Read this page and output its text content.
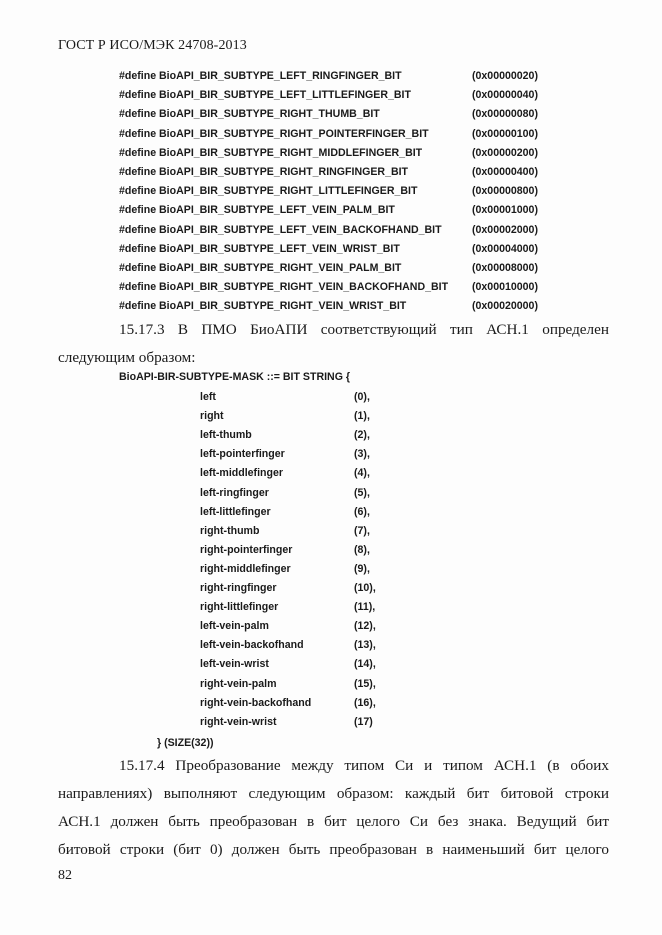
ГОСТ Р ИСО/МЭК 24708-2013
#define BioAPI_BIR_SUBTYPE_LEFT_RINGFINGER_BIT	(0x00000020)
#define BioAPI_BIR_SUBTYPE_LEFT_LITTLEFINGER_BIT	(0x00000040)
#define BioAPI_BIR_SUBTYPE_RIGHT_THUMB_BIT	(0x00000080)
#define BioAPI_BIR_SUBTYPE_RIGHT_POINTERFINGER_BIT	(0x00000100)
#define BioAPI_BIR_SUBTYPE_RIGHT_MIDDLEFINGER_BIT	(0x00000200)
#define BioAPI_BIR_SUBTYPE_RIGHT_RINGFINGER_BIT	(0x00000400)
#define BioAPI_BIR_SUBTYPE_RIGHT_LITTLEFINGER_BIT	(0x00000800)
#define BioAPI_BIR_SUBTYPE_LEFT_VEIN_PALM_BIT	(0x00001000)
#define BioAPI_BIR_SUBTYPE_LEFT_VEIN_BACKOFHAND_BIT	(0x00002000)
#define BioAPI_BIR_SUBTYPE_LEFT_VEIN_WRIST_BIT	(0x00004000)
#define BioAPI_BIR_SUBTYPE_RIGHT_VEIN_PALM_BIT	(0x00008000)
#define BioAPI_BIR_SUBTYPE_RIGHT_VEIN_BACKOFHAND_BIT (0x00010000)
#define BioAPI_BIR_SUBTYPE_RIGHT_VEIN_WRIST_BIT	(0x00020000)
15.17.3 В ПМО БиоАПИ соответствующий тип АСН.1 определен
следующим образом:
BioAPI-BIR-SUBTYPE-MASK ::= BIT STRING {
left	(0),
right	(1),
left-thumb	(2),
left-pointerfinger	(3),
left-middlefinger	(4),
left-ringfinger	(5),
left-littlefinger	(6),
right-thumb	(7),
right-pointerfinger	(8),
right-middlefinger	(9),
right-ringfinger	(10),
right-littlefinger	(11),
left-vein-palm	(12),
left-vein-backofhand	(13),
left-vein-wrist	(14),
right-vein-palm	(15),
right-vein-backofhand	(16),
right-vein-wrist	(17)
} (SIZE(32))
15.17.4 Преобразование между типом Си и типом АСН.1 (в обоих
направлениях) выполняют следующим образом: каждый бит битовой строки
АСН.1 должен быть преобразован в бит целого Си без знака. Ведущий бит
битовой строки (бит 0) должен быть преобразован в наименьший бит целого
82
